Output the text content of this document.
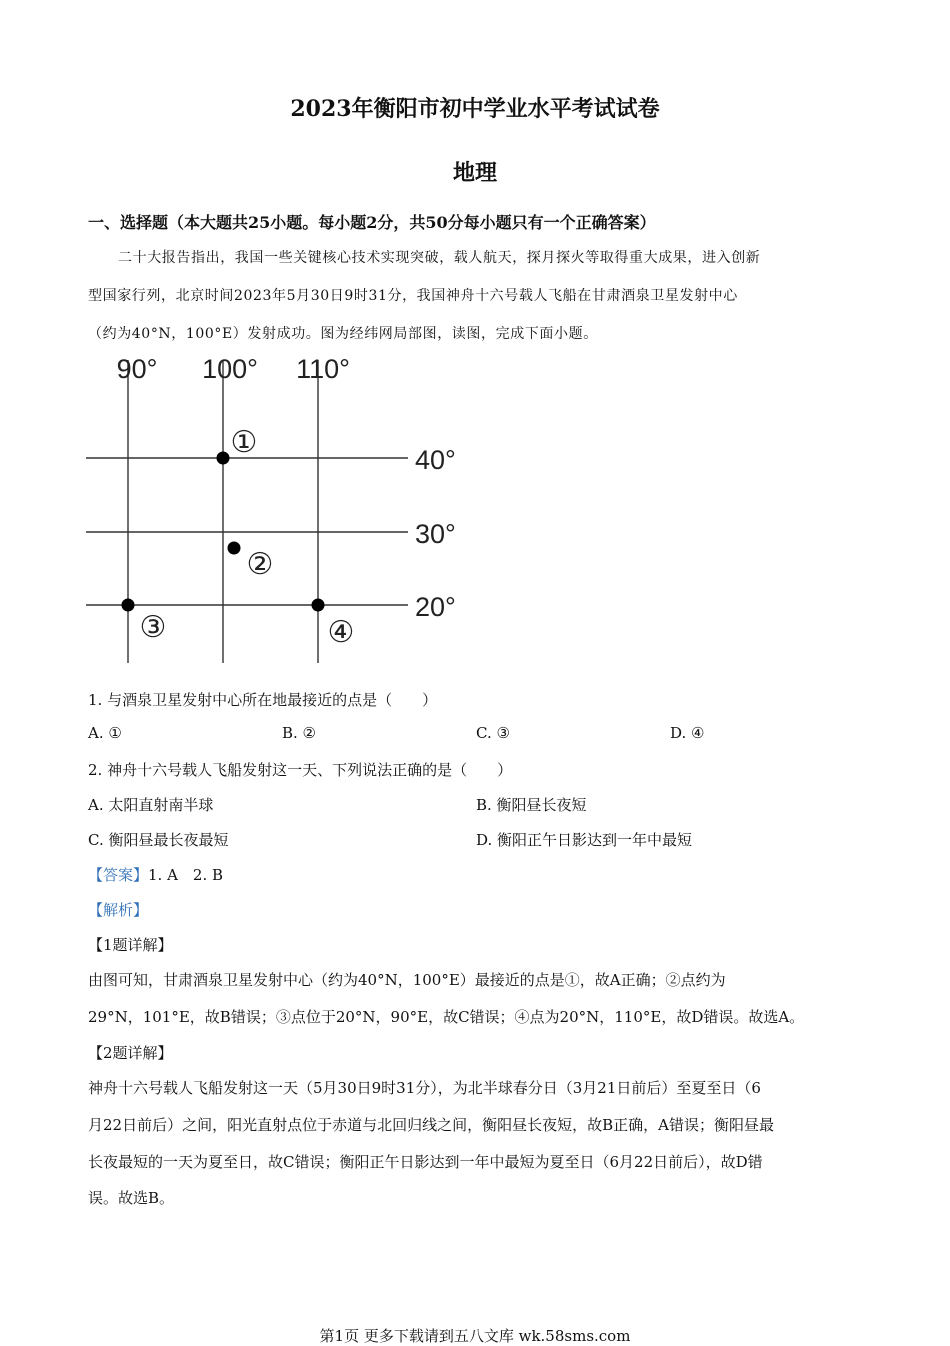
2023年衡阳市初中学业水平考试试卷
地理
一、选择题（本大题共25小题。每小题2分，共50分每小题只有一个正确答案）
二十大报告指出，我国一些关键核心技术实现突破，载人航天，探月探火等取得重大成果，进入创新
型国家行列，北京时间2023年5月30日9时31分，我国神舟十六号载人飞船在甘肃酒泉卫星发射中心
（约为40°N，100°E）发射成功。图为经纬网局部图，读图，完成下面小题。
90° 100° 110°
40°
30°
20°
①
②
③	④
1. 与酒泉卫星发射中心所在地最接近的点是（　　）
A. ①	B. ②	C. ③	D. ④
2. 神舟十六号载人飞船发射这一天、下列说法正确的是（　　）
A. 太阳直射南半球	B. 衡阳昼长夜短
C. 衡阳昼最长夜最短	D. 衡阳正午日影达到一年中最短
【答案】1. A　2. B
【解析】
【1题详解】
由图可知，甘肃酒泉卫星发射中心（约为40°N，100°E）最接近的点是①，故A正确；②点约为
29°N，101°E，故B错误；③点位于20°N，90°E，故C错误；④点为20°N，110°E，故D错误。故选A。
【2题详解】
神舟十六号载人飞船发射这一天（5月30日9时31分），为北半球春分日（3月21日前后）至夏至日（6
月22日前后）之间，阳光直射点位于赤道与北回归线之间，衡阳昼长夜短，故B正确，A错误；衡阳昼最
长夜最短的一天为夏至日，故C错误；衡阳正午日影达到一年中最短为夏至日（6月22日前后），故D错
误。故选B。
第1页 更多下载请到五八文库 wk.58sms.com
